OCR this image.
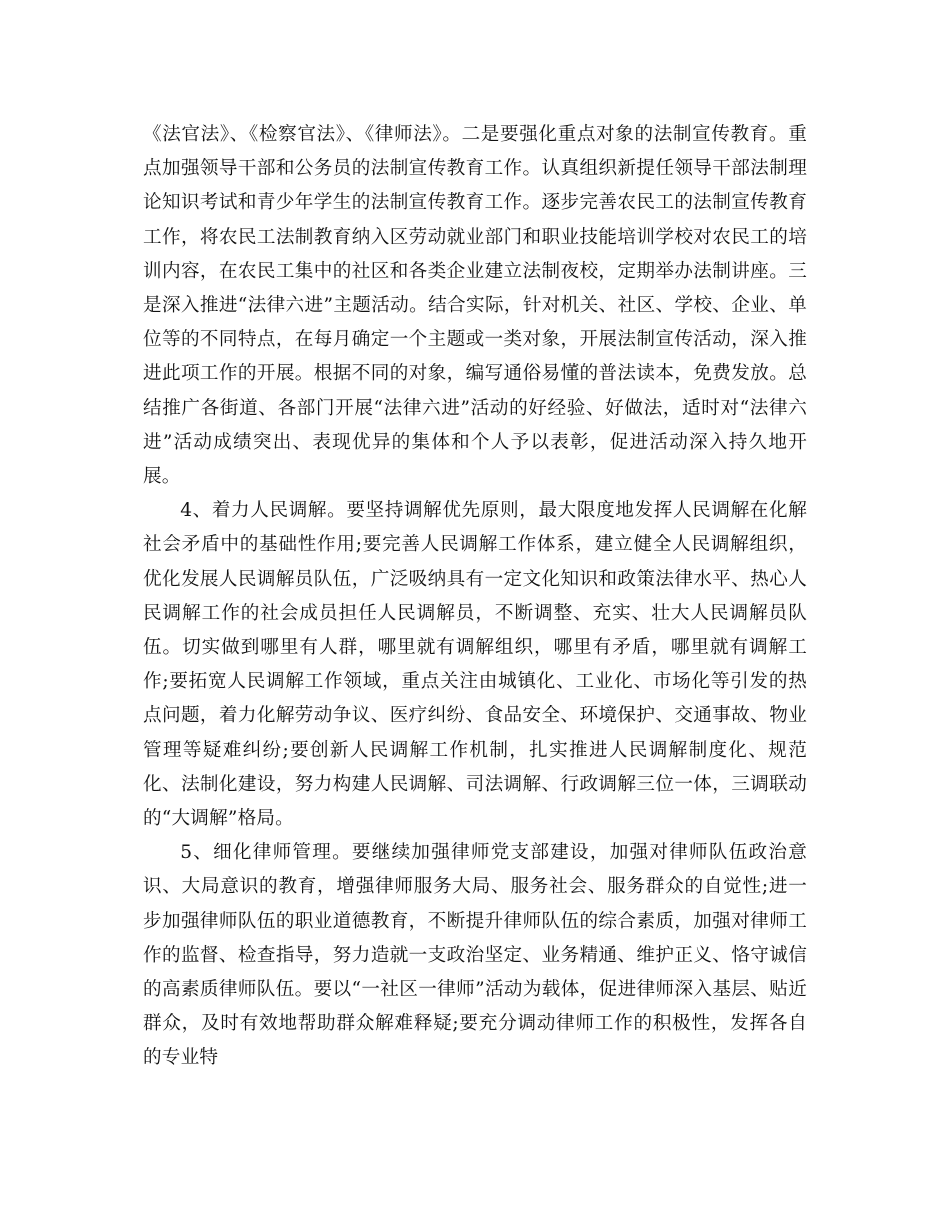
《法官法》、《检察官法》、《律师法》。二是要强化重点对象的法制宣传教育。重点加强领导干部和公务员的法制宣传教育工作。认真组织新提任领导干部法制理论知识考试和青少年学生的法制宣传教育工作。逐步完善农民工的法制宣传教育工作，将农民工法制教育纳入区劳动就业部门和职业技能培训学校对农民工的培训内容，在农民工集中的社区和各类企业建立法制夜校，定期举办法制讲座。三是深入推进“法律六进”主题活动。结合实际，针对机关、社区、学校、企业、单位等的不同特点，在每月确定一个主题或一类对象，开展法制宣传活动，深入推进此项工作的开展。根据不同的对象，编写通俗易懂的普法读本，免费发放。总结推广各街道、各部门开展“法律六进”活动的好经验、好做法，适时对“法律六进”活动成绩突出、表现优异的集体和个人予以表彰，促进活动深入持久地开展。

4、着力人民调解。要坚持调解优先原则，最大限度地发挥人民调解在化解社会矛盾中的基础性作用;要完善人民调解工作体系，建立健全人民调解组织，优化发展人民调解员队伍，广泛吸纳具有一定文化知识和政策法律水平、热心人民调解工作的社会成员担任人民调解员，不断调整、充实、壮大人民调解员队伍。切实做到哪里有人群，哪里就有调解组织，哪里有矛盾，哪里就有调解工作;要拓宽人民调解工作领域，重点关注由城镇化、工业化、市场化等引发的热点问题，着力化解劳动争议、医疗纠纷、食品安全、环境保护、交通事故、物业管理等疑难纠纷;要创新人民调解工作机制，扎实推进人民调解制度化、规范化、法制化建设，努力构建人民调解、司法调解、行政调解三位一体，三调联动的“大调解”格局。

5、细化律师管理。要继续加强律师党支部建设，加强对律师队伍政治意识、大局意识的教育，增强律师服务大局、服务社会、服务群众的自觉性;进一步加强律师队伍的职业道德教育，不断提升律师队伍的综合素质，加强对律师工作的监督、检查指导，努力造就一支政治坚定、业务精通、维护正义、恪守诚信的高素质律师队伍。要以“一社区一律师”活动为载体，促进律师深入基层、贴近群众，及时有效地帮助群众解难释疑;要充分调动律师工作的积极性，发挥各自的专业特
